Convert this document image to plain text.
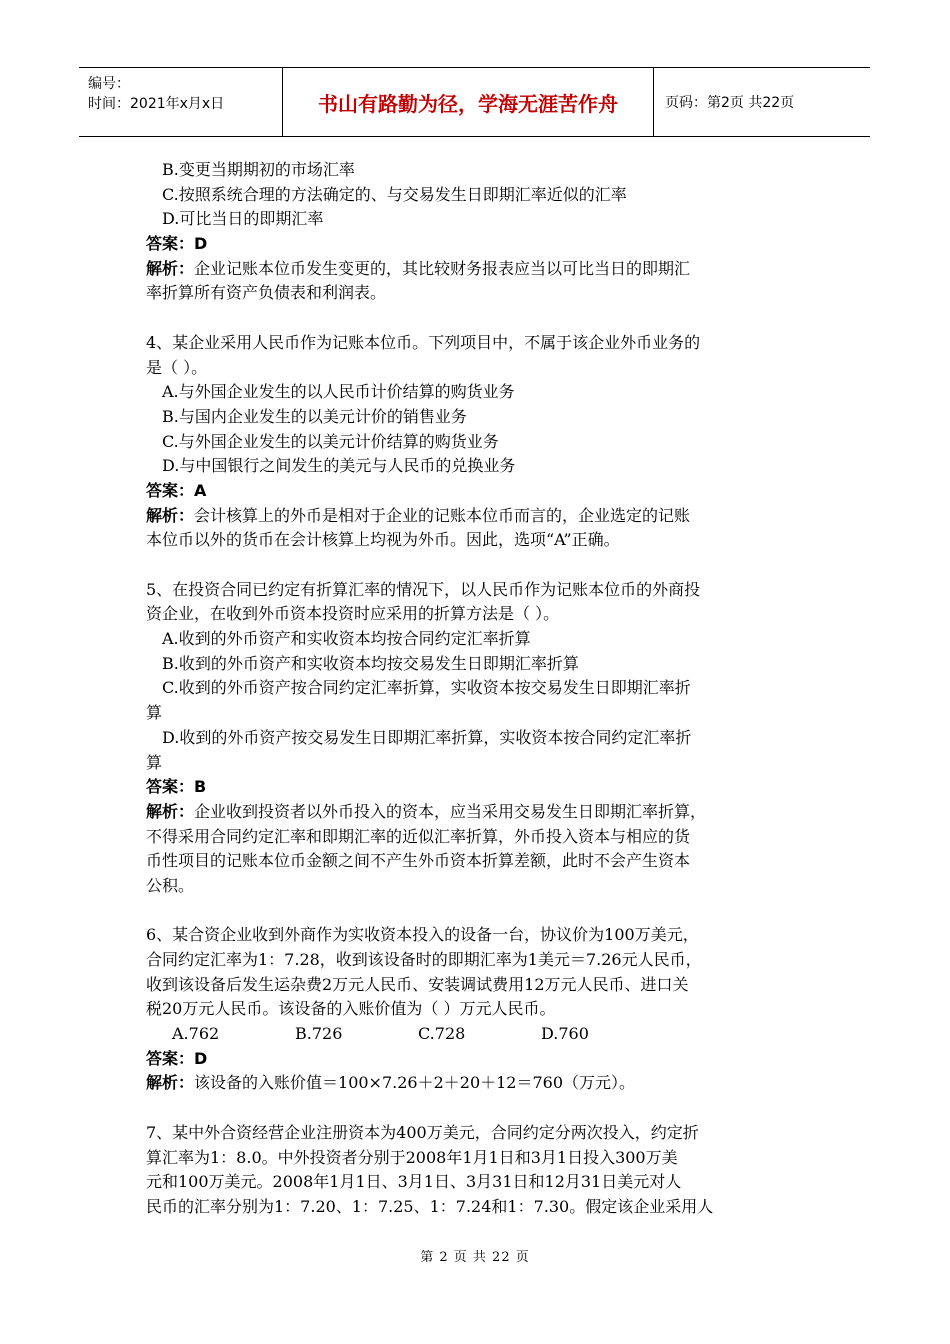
编号：
时间：2021年x月x日	书山有路勤为径，学海无涯苦作舟	页码：第2页 共22页
B.变更当期期初的市场汇率
C.按照系统合理的方法确定的、与交易发生日即期汇率近似的汇率
D.可比当日的即期汇率
答案：D
解析：企业记账本位币发生变更的，其比较财务报表应当以可比当日的即期汇
率折算所有资产负债表和利润表。
4、某企业采用人民币作为记账本位币。下列项目中，不属于该企业外币业务的
是（ ）。
A.与外国企业发生的以人民币计价结算的购货业务
B.与国内企业发生的以美元计价的销售业务
C.与外国企业发生的以美元计价结算的购货业务
D.与中国银行之间发生的美元与人民币的兑换业务
答案：A
解析：会计核算上的外币是相对于企业的记账本位币而言的，企业选定的记账
本位币以外的货币在会计核算上均视为外币。因此，选项“A”正确。
5、在投资合同已约定有折算汇率的情况下，以人民币作为记账本位币的外商投
资企业，在收到外币资本投资时应采用的折算方法是（ ）。
A.收到的外币资产和实收资本均按合同约定汇率折算
B.收到的外币资产和实收资本均按交易发生日即期汇率折算
C.收到的外币资产按合同约定汇率折算，实收资本按交易发生日即期汇率折
算
D.收到的外币资产按交易发生日即期汇率折算，实收资本按合同约定汇率折
算
答案：B
解析：企业收到投资者以外币投入的资本，应当采用交易发生日即期汇率折算，
不得采用合同约定汇率和即期汇率的近似汇率折算，外币投入资本与相应的货
币性项目的记账本位币金额之间不产生外币资本折算差额，此时不会产生资本
公积。
6、某合资企业收到外商作为实收资本投入的设备一台，协议价为100万美元，
合同约定汇率为1：7.28，收到该设备时的即期汇率为1美元＝7.26元人民币，
收到该设备后发生运杂费2万元人民币、安装调试费用12万元人民币、进口关
税20万元人民币。该设备的入账价值为（ ）万元人民币。
A.762	B.726	C.728	D.760
答案：D
解析：该设备的入账价值＝100×7.26＋2＋20＋12＝760（万元）。
7、某中外合资经营企业注册资本为400万美元，合同约定分两次投入，约定折
算汇率为1：8.0。中外投资者分别于2008年1月1日和3月1日投入300万美
元和100万美元。2008年1月1日、3月1日、3月31日和12月31日美元对人
民币的汇率分别为1：7.20、1：7.25、1：7.24和1：7.30。假定该企业采用人
第 2 页 共 22 页
